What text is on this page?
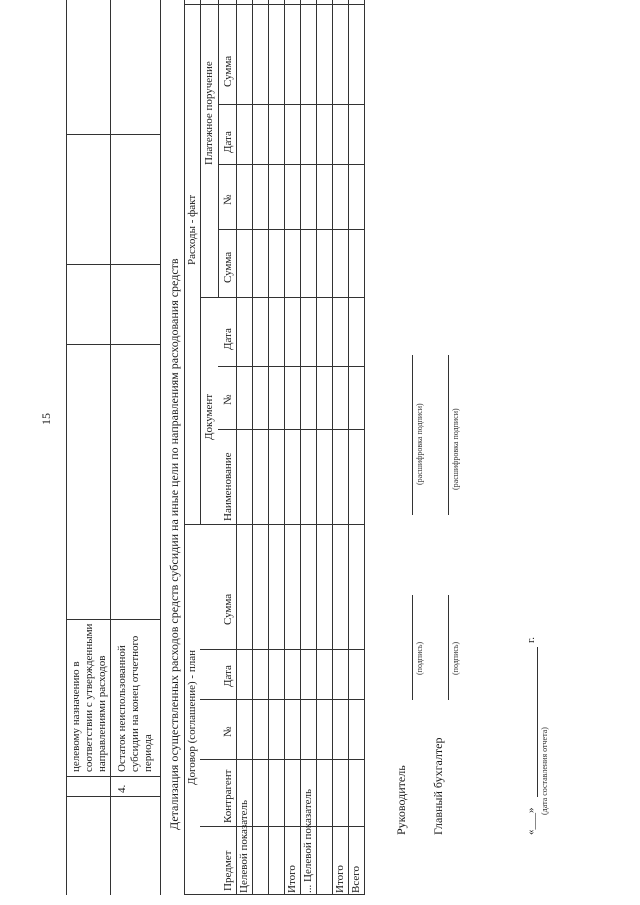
15
целевому назначению в соответствии с утвержденными направлениями расходов
4.
Остаток неиспользованной субсидии на конец отчетного периода Детализация осуществленных расходов средств субсидии на иные цели по направлениям расходования средств Договор (соглашение) - план
Расходы - факт
Документ
Платежное поручение
Предмет
Контрагент
№
Дата
Сумма
Наименование
№
Дата
Сумма
№
Дата
Сумма
Целевой показатель	Итого ... Целевой показатель Итого Всего
Руководитель
(подпись)
(расшифровка подписи)
Главный бухгалтер
(подпись)
(расшифровка подписи)
«___»
г.
(дата составления отчета)
